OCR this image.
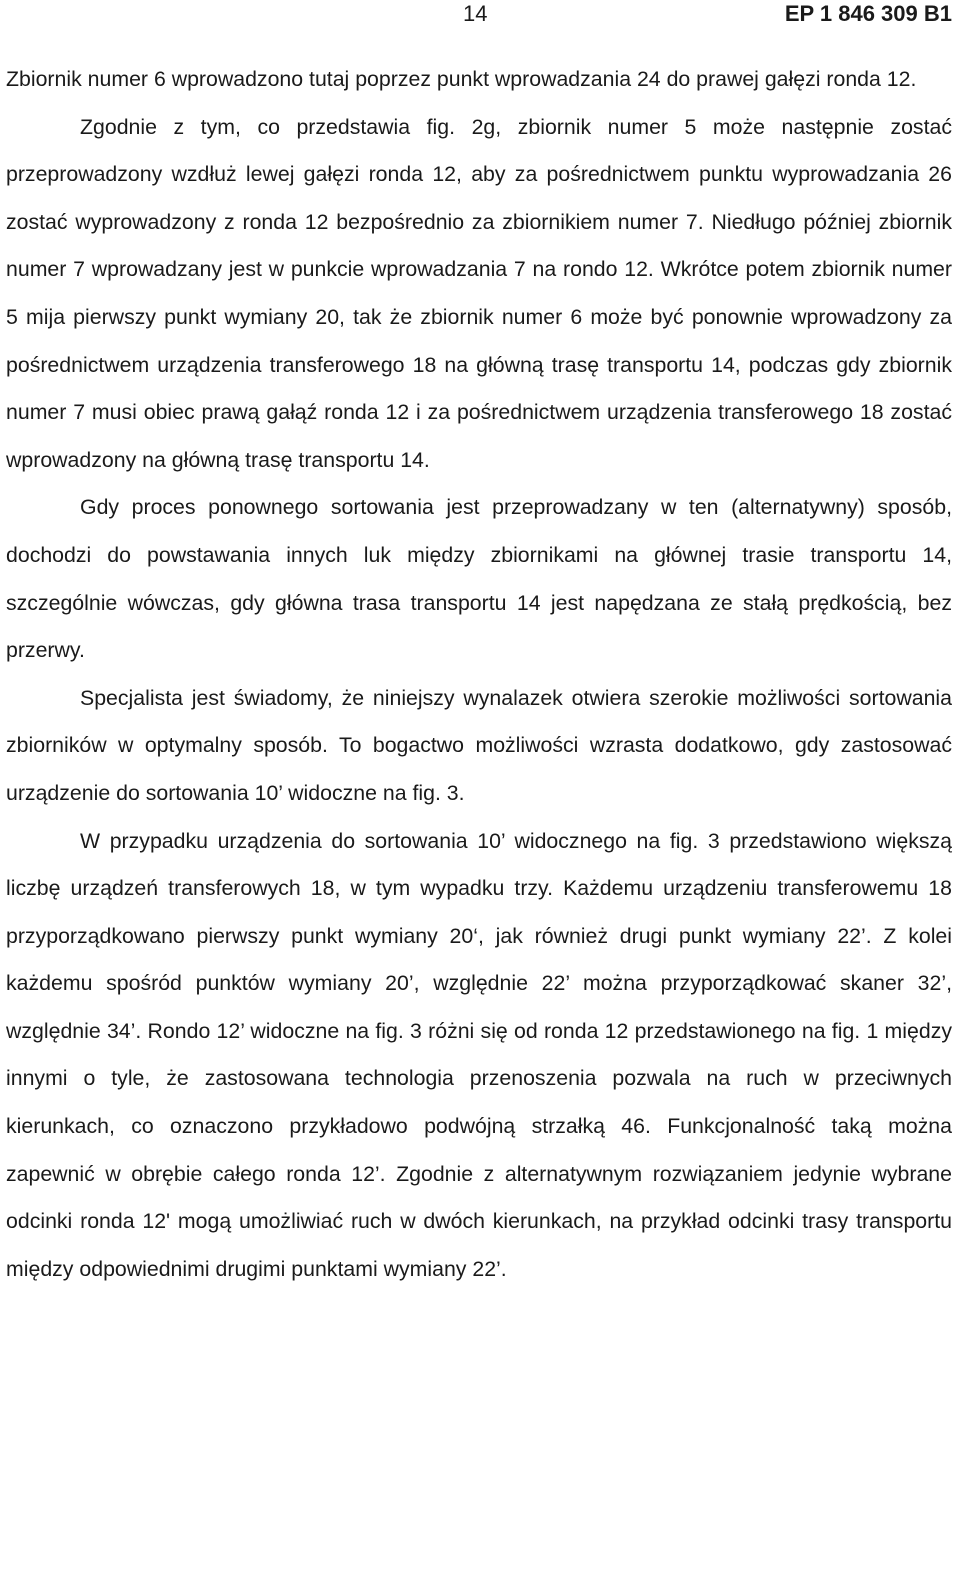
14	EP 1 846 309 B1

Zbiornik numer 6 wprowadzono tutaj poprzez punkt wprowadzania 24 do prawej gałęzi ronda 12.

Zgodnie z tym, co przedstawia fig. 2g, zbiornik numer 5 może następnie zostać przeprowadzony wzdłuż lewej gałęzi ronda 12, aby za pośrednictwem punktu wyprowadzania 26 zostać wyprowadzony z ronda 12 bezpośrednio za zbiornikiem numer 7. Niedługo później zbiornik numer 7 wprowadzany jest w punkcie wprowadzania 7 na rondo 12. Wkrótce potem zbiornik numer 5 mija pierwszy punkt wymiany 20, tak że zbiornik numer 6 może być ponownie wprowadzony za pośrednictwem urządzenia transferowego 18 na główną trasę transportu 14, podczas gdy zbiornik numer 7 musi obiec prawą gałąź ronda 12 i za pośrednictwem urządzenia transferowego 18 zostać wprowadzony na główną trasę transportu 14.

Gdy proces ponownego sortowania jest przeprowadzany w ten (alternatywny) sposób, dochodzi do powstawania innych luk między zbiornikami na głównej trasie transportu 14, szczególnie wówczas, gdy główna trasa transportu 14 jest napędzana ze stałą prędkością, bez przerwy.

Specjalista jest świadomy, że niniejszy wynalazek otwiera szerokie możliwości sortowania zbiorników w optymalny sposób. To bogactwo możliwości wzrasta dodatkowo, gdy zastosować urządzenie do sortowania 10’ widoczne na fig. 3.

W przypadku urządzenia do sortowania 10’ widocznego na fig. 3 przedstawiono większą liczbę urządzeń transferowych 18, w tym wypadku trzy. Każdemu urządzeniu transferowemu 18 przyporządkowano pierwszy punkt wymiany 20‘, jak również drugi punkt wymiany 22’. Z kolei każdemu spośród punktów wymiany 20’, względnie 22’ można przyporządkować skaner 32’, względnie 34’. Rondo 12’ widoczne na fig. 3 różni się od ronda 12 przedstawionego na fig. 1 między innymi o tyle, że zastosowana technologia przenoszenia pozwala na ruch w przeciwnych kierunkach, co oznaczono przykładowo podwójną strzałką 46. Funkcjonalność taką można zapewnić w obrębie całego ronda 12’. Zgodnie z alternatywnym rozwiązaniem jedynie wybrane odcinki ronda 12' mogą umożliwiać ruch w dwóch kierunkach, na przykład odcinki trasy transportu między odpowiednimi drugimi punktami wymiany 22’.
